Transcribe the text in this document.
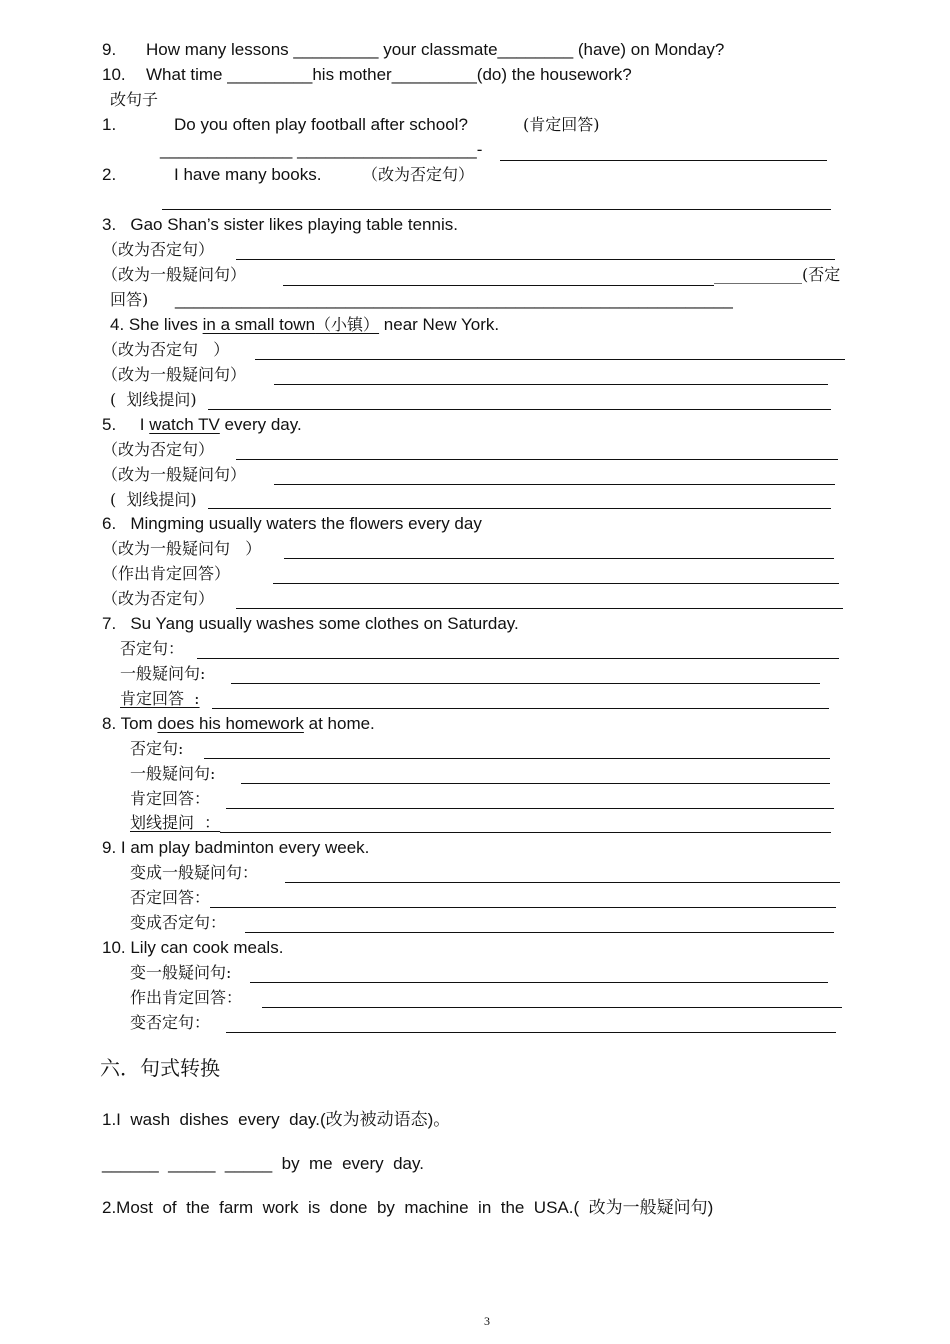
9. How many lessons _________ your classmate________ (have) on Monday?
10. What time _________his mother_________(do) the housework?
改句子
1.	Do you often play football after school?	(肯定回答)
______________ ___________________-
2.	I have many books.	（改为否定句）
3.   Gao Shan’s sister likes playing table tennis.
（改为否定句）
（改为一般疑问句）	___________(否定
回答) ___________________________________________________________
4. She lives in a small town（小镇） near New York.
（改为否定句   ）
（改为一般疑问句）
(  划线提问)
5.     I watch TV every day.
（改为否定句）
（改为一般疑问句）
(  划线提问)
6.   Mingming usually waters the flowers every day
（改为一般疑问句   ）
（作出肯定回答）
（改为否定句）
7.   Su Yang usually washes some clothes on Saturday.
否定句：
一般疑问句:
肯定回答  :
8. Tom does his homework at home.
否定句:
一般疑问句:
肯定回答：
划线提问  ：
9. I am play badminton every week.
变成一般疑问句：
否定回答：
变成否定句：
10. Lily can cook meals.
变一般疑问句:
作出肯定回答：
变否定句：
六．句式转换
1.I  wash  dishes  every  day.(改为被动语态)。
______  _____  _____  by  me  every  day.
2.Most  of  the  farm  work  is  done  by  machine  in  the  USA.(  改为一般疑问句)
3
